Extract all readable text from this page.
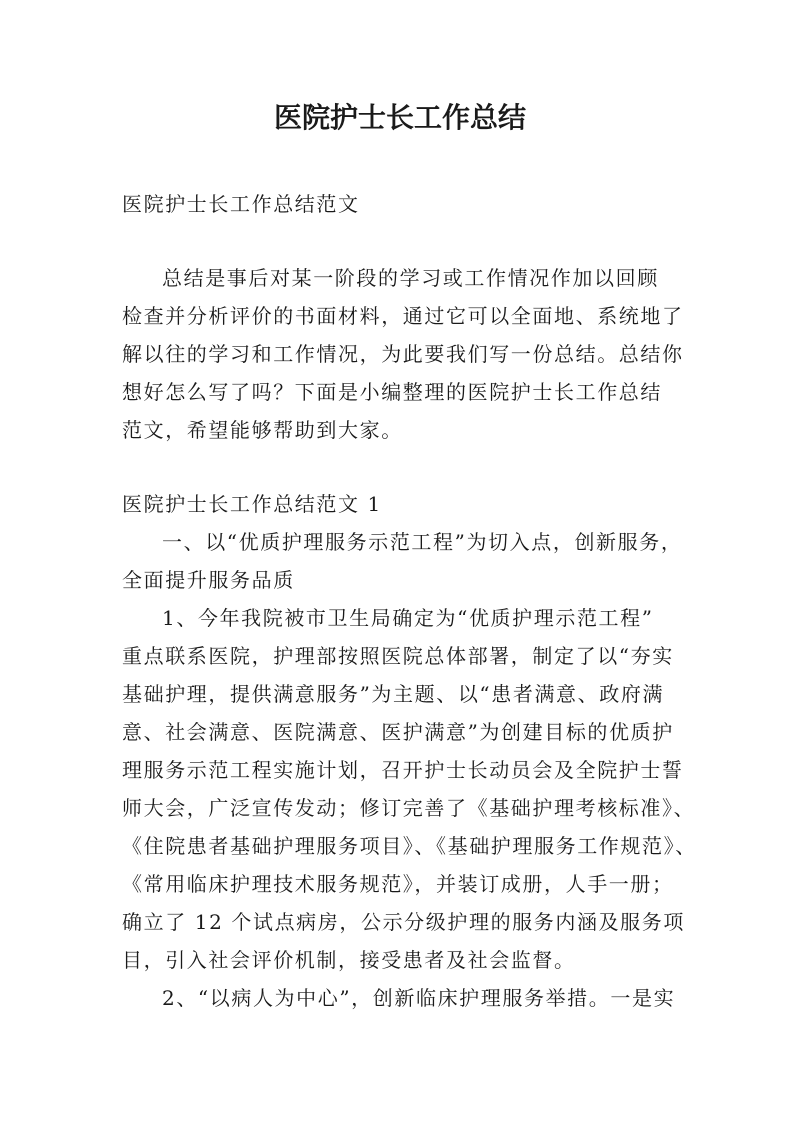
医院护士长工作总结
医院护士长工作总结范文
总结是事后对某一阶段的学习或工作情况作加以回顾
检查并分析评价的书面材料，通过它可以全面地、系统地了
解以往的学习和工作情况，为此要我们写一份总结。总结你
想好怎么写了吗？下面是小编整理的医院护士长工作总结
范文，希望能够帮助到大家。
医院护士长工作总结范文 1
一、以“优质护理服务示范工程”为切入点，创新服务，
全面提升服务品质
1、今年我院被市卫生局确定为“优质护理示范工程”
重点联系医院，护理部按照医院总体部署，制定了以“夯实
基础护理，提供满意服务”为主题、以“患者满意、政府满
意、社会满意、医院满意、医护满意”为创建目标的优质护
理服务示范工程实施计划，召开护士长动员会及全院护士誓
师大会，广泛宣传发动；修订完善了《基础护理考核标准》、
《住院患者基础护理服务项目》、《基础护理服务工作规范》、
《常用临床护理技术服务规范》，并装订成册，人手一册；
确立了 12 个试点病房，公示分级护理的服务内涵及服务项
目，引入社会评价机制，接受患者及社会监督。
2、“以病人为中心”，创新临床护理服务举措。一是实
